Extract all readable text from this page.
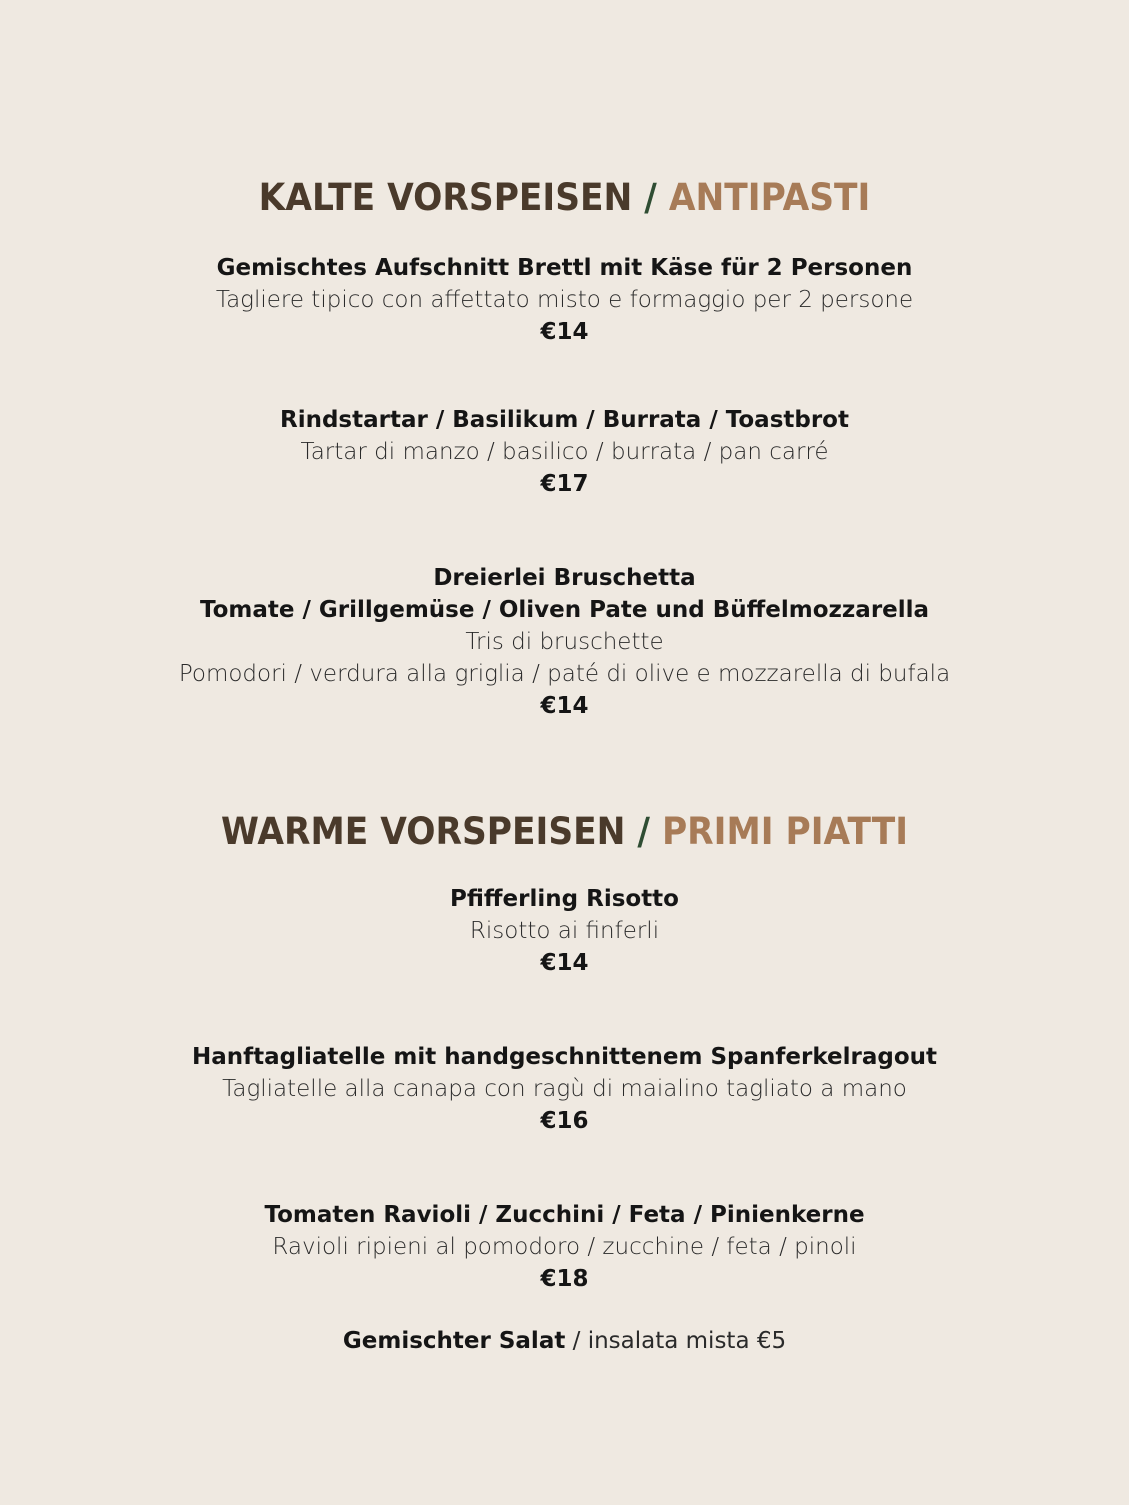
KALTE VORSPEISEN / ANTIPASTI
Gemischtes Aufschnitt Brettl mit Käse für 2 Personen
Tagliere tipico con affettato misto e formaggio per 2 persone
€14
Rindstartar / Basilikum / Burrata / Toastbrot
Tartar di manzo / basilico / burrata / pan carré
€17
Dreierlei Bruschetta
Tomate / Grillgemüse / Oliven Pate und Büffelmozzarella
Tris di bruschette
Pomodori / verdura alla griglia / paté di olive e mozzarella di bufala
€14
WARME VORSPEISEN / PRIMI PIATTI
Pfifferling Risotto
Risotto ai finferli
€14
Hanftagliatelle mit handgeschnittenem Spanferkelragout
Tagliatelle alla canapa con ragù di maialino tagliato a mano
€16
Tomaten Ravioli / Zucchini / Feta / Pinienkerne
Ravioli ripieni al pomodoro / zucchine / feta / pinoli
€18
Gemischter Salat / insalata mista €5
